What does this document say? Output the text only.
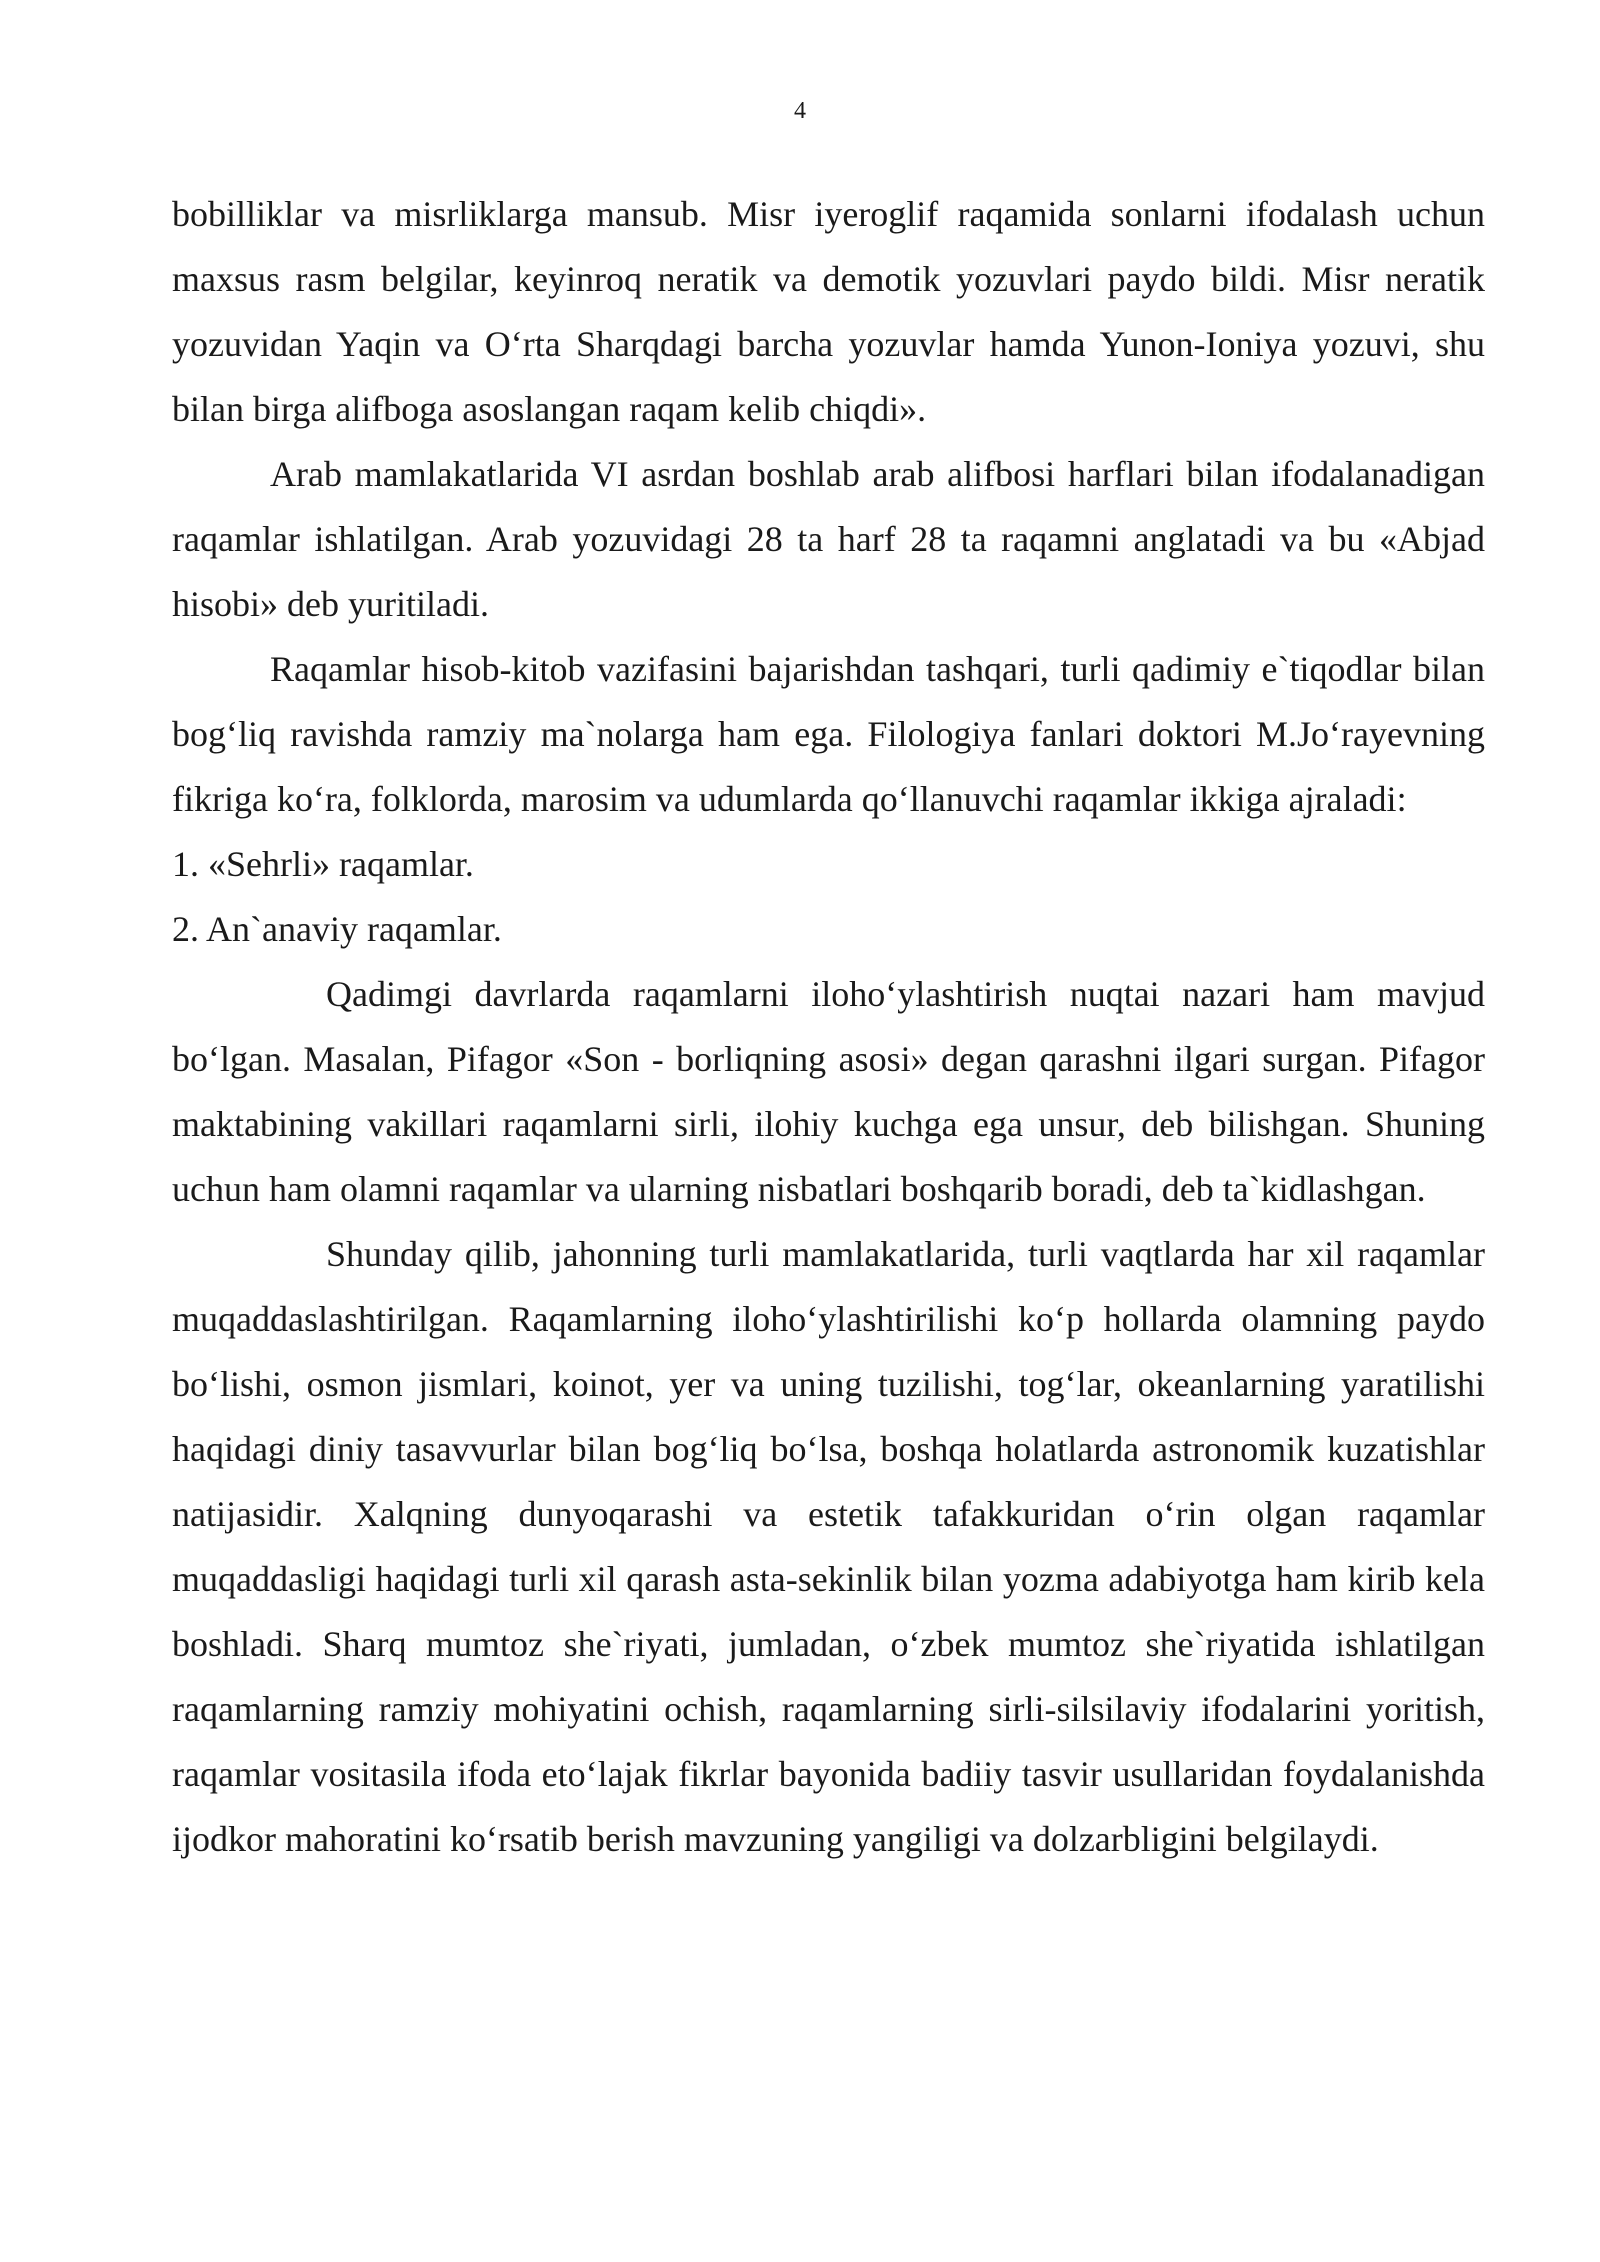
4

bobilliklar va misrliklarga mansub. Misr iyeroglif raqamida sonlarni ifodalash uchun maxsus rasm belgilar, keyinroq neratik va demotik yozuvlari paydo bildi. Misr neratik yozuvidan Yaqin va O‘rta Sharqdagi barcha yozuvlar hamda Yunon-Ioniya yozuvi, shu bilan birga alifboga asoslangan raqam kelib chiqdi».

Arab mamlakatlarida VI asrdan boshlab arab alifbosi harflari bilan ifodalanadigan raqamlar ishlatilgan. Arab yozuvidagi 28 ta harf 28 ta raqamni anglatadi va bu «Abjad hisobi» deb yuritiladi.

Raqamlar hisob-kitob vazifasini bajarishdan tashqari, turli qadimiy e`tiqodlar bilan bog‘liq ravishda ramziy ma`nolarga ham ega. Filologiya fanlari doktori M.Jo‘rayevning fikriga ko‘ra, folklorda, marosim va udumlarda qo‘llanuvchi raqamlar ikkiga ajraladi:

1. «Sehrli» raqamlar.

2. An`anaviy raqamlar.

Qadimgi davrlarda raqamlarni iloho‘ylashtirish nuqtai nazari ham mavjud bo‘lgan. Masalan, Pifagor «Son - borliqning asosi» degan qarashni ilgari surgan. Pifagor maktabining vakillari raqamlarni sirli, ilohiy kuchga ega unsur, deb bilishgan. Shuning uchun ham olamni raqamlar va ularning nisbatlari boshqarib boradi, deb ta`kidlashgan.

Shunday qilib, jahonning turli mamlakatlarida, turli vaqtlarda har xil raqamlar muqaddaslashtirilgan. Raqamlarning iloho‘ylashtirilishi ko‘p hollarda olamning paydo bo‘lishi, osmon jismlari, koinot, yer va uning tuzilishi, tog‘lar, okeanlarning yaratilishi haqidagi diniy tasavvurlar bilan bog‘liq bo‘lsa, boshqa holatlarda astronomik kuzatishlar natijasidir. Xalqning dunyoqarashi va estetik tafakkuridan o‘rin olgan raqamlar muqaddasligi haqidagi turli xil qarash asta-sekinlik bilan yozma adabiyotga ham kirib kela boshladi. Sharq mumtoz she`riyati, jumladan, o‘zbek mumtoz she`riyatida ishlatilgan raqamlarning ramziy mohiyatini ochish, raqamlarning sirli-silsilaviy ifodalarini yoritish, raqamlar vositasila ifoda eto‘lajak fikrlar bayonida badiiy tasvir usullaridan foydalanishda ijodkor mahoratini ko‘rsatib berish mavzuning yangiligi va dolzarbligini belgilaydi.
